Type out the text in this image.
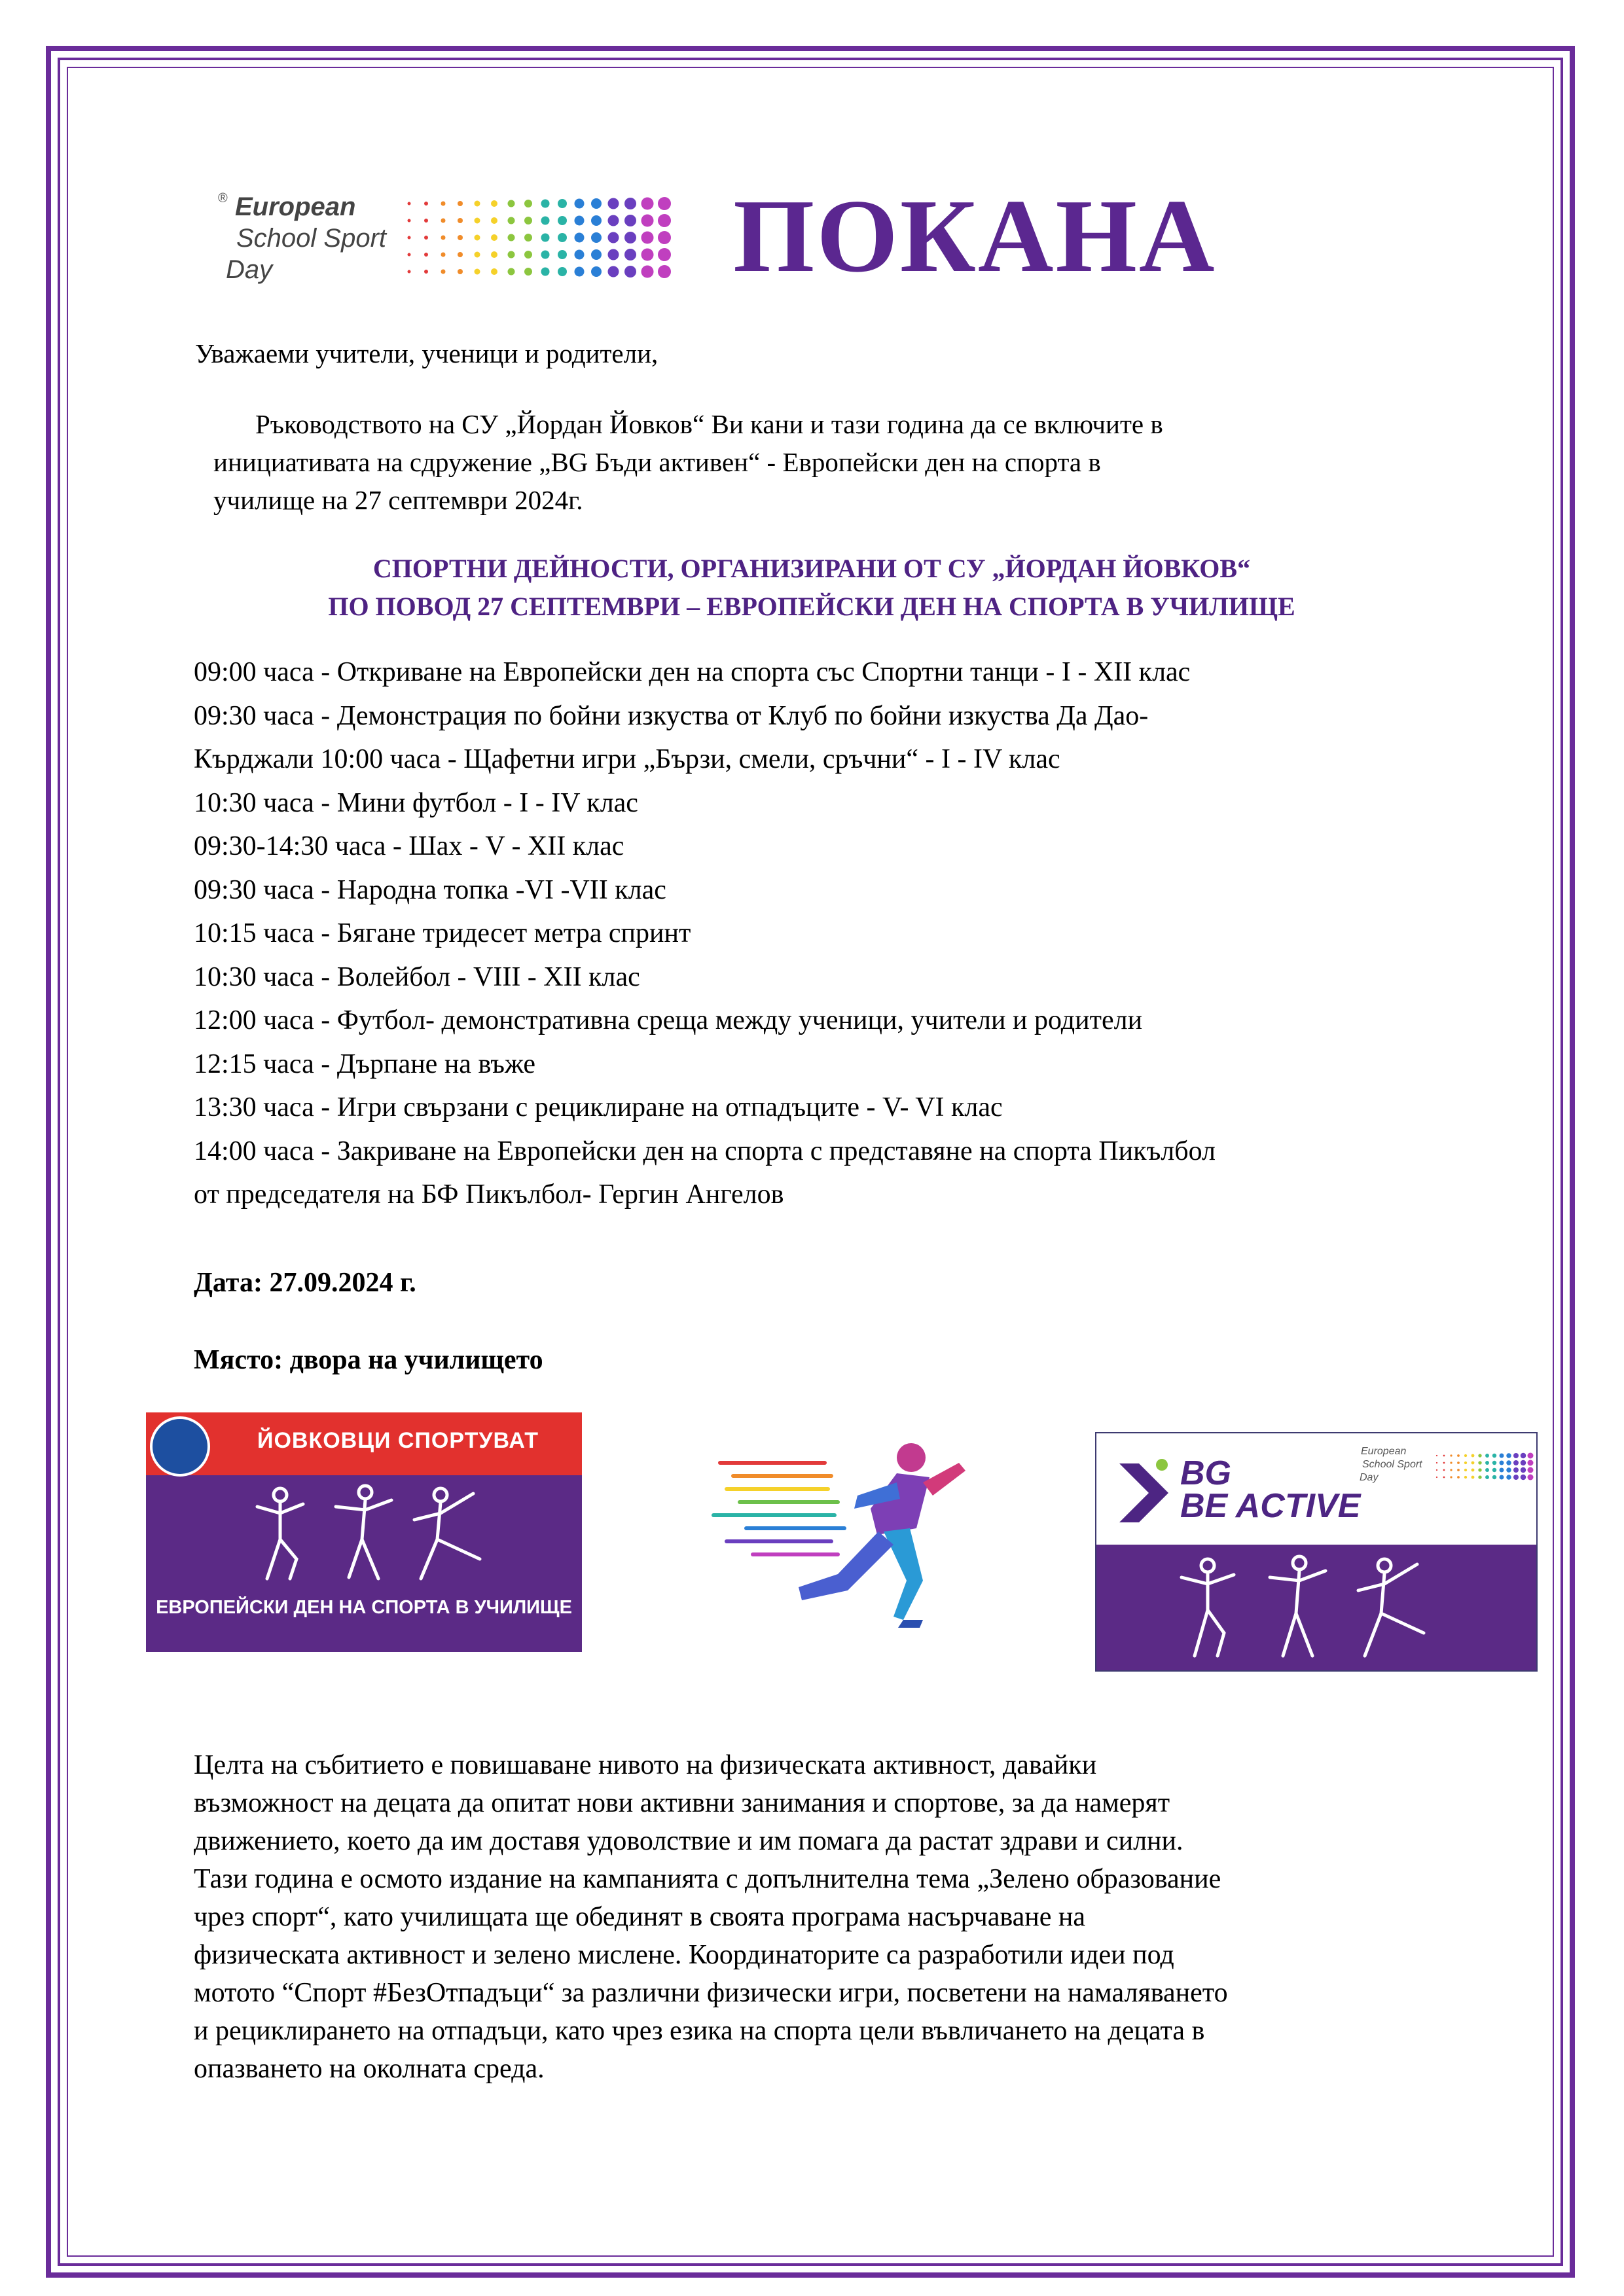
® European
School Sport
Day	ПОКАНА
Уважаеми учители, ученици и родители,
Ръководството на СУ „Йордан Йовков“ Ви кани и тази година да се включите в
инициативата на сдружение „BG Бъди активен“ - Европейски ден на спорта в
училище на 27 септември 2024г.
СПОРТНИ ДЕЙНОСТИ, ОРГАНИЗИРАНИ ОТ СУ „ЙОРДАН ЙОВКОВ“
ПО ПОВОД 27 СЕПТЕМВРИ – ЕВРОПЕЙСКИ ДЕН НА СПОРТА В УЧИЛИЩЕ
09:00 часа - Откриване на Европейски ден на спорта със Спортни танци - I - XII клас
09:30 часа - Демонстрация по бойни изкуства от Клуб по бойни изкуства Да Дао-
Кърджали 10:00 часа - Щафетни игри „Бързи, смели, сръчни“ - I - IV клас
10:30 часа - Мини футбол - I - IV клас
09:30-14:30 часа - Шах - V - XII клас
09:30 часа - Народна топка -VI -VII клас
10:15 часа - Бягане тридесет метра спринт
10:30 часа - Волейбол - VIII - XII клас
12:00 часа - Футбол- демонстративна среща между ученици, учители и родители
12:15 часа - Дърпане на въже
13:30 часа - Игри свързани с рециклиране на отпадъците - V- VI клас
14:00 часа - Закриване на Европейски ден на спорта с представяне на спорта Пикълбол
от председателя на БФ Пикълбол- Гергин Ангелов
Дата: 27.09.2024 г.
Място: двора на училището
ЙОВКОВЦИ СПОРТУВАТ
ЕВРОПЕЙСКИ ДЕН НА СПОРТА В УЧИЛИЩЕ
BG
BE ACTIVE
European
School Sport
Day
Целта на събитието е повишаване нивото на физическата активност, давайки
възможност на децата да опитат нови активни занимания и спортове, за да намерят
движението, което да им доставя удоволствие и им помага да растат здрави и силни.
Тази година е осмото издание на кампанията с допълнителна тема „Зелено образование
чрез спорт“, като училищата ще обединят в своята програма насърчаване на
физическата активност и зелено мислене. Координаторите са разработили идеи под
мотото “Спорт #БезОтпадъци“ за различни физически игри, посветени на намаляването
и рециклирането на отпадъци, като чрез езика на спорта цели въвличането на децата в
опазването на околната среда.
